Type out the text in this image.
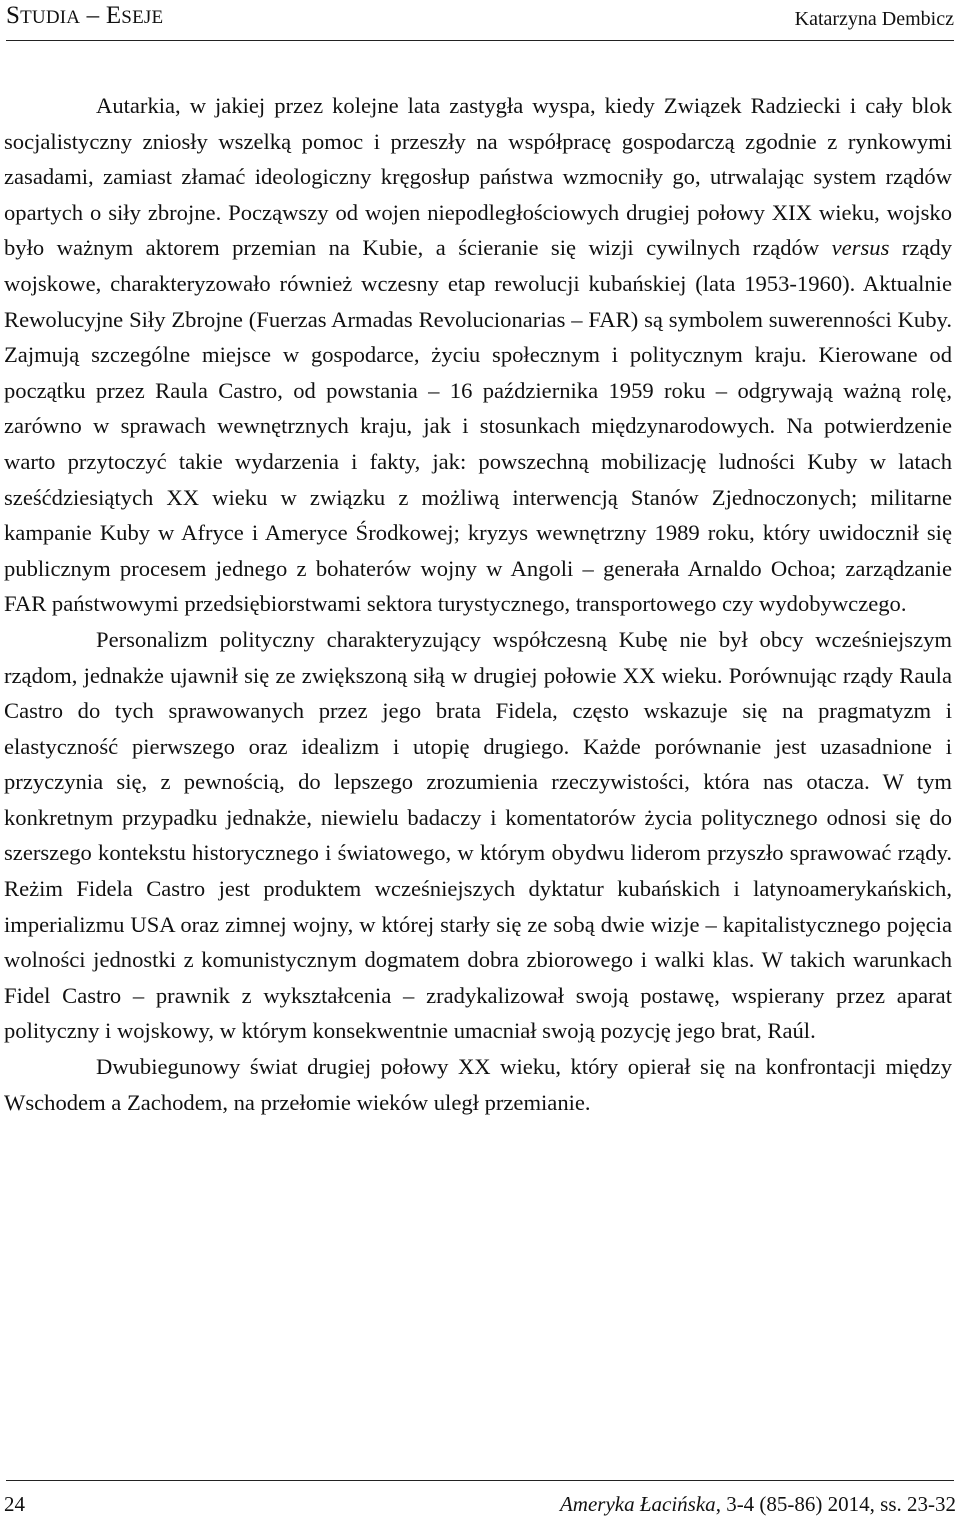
STUDIA – ESEJE	Katarzyna Dembicz

Autarkia, w jakiej przez kolejne lata zastygła wyspa, kiedy Związek Radziecki i cały blok socjalistyczny zniosły wszelką pomoc i przeszły na współpracę gospodarczą zgodnie z rynkowymi zasadami, zamiast złamać ideologiczny kręgosłup państwa wzmocniły go, utrwalając system rządów opartych o siły zbrojne. Począwszy od wojen niepodległościowych drugiej połowy XIX wieku, wojsko było ważnym aktorem przemian na Kubie, a ścieranie się wizji cywilnych rządów versus rządy wojskowe, charakteryzowało również wczesny etap rewolucji kubańskiej (lata 1953-1960). Aktualnie Rewolucyjne Siły Zbrojne (Fuerzas Armadas Revolucionarias – FAR) są symbolem suwerenności Kuby. Zajmują szczególne miejsce w gospodarce, życiu społecznym i politycznym kraju. Kierowane od początku przez Raula Castro, od powstania – 16 października 1959 roku – odgrywają ważną rolę, zarówno w sprawach wewnętrznych kraju, jak i stosunkach międzynarodowych. Na potwierdzenie warto przytoczyć takie wydarzenia i fakty, jak: powszechną mobilizację ludności Kuby w latach sześćdziesiątych XX wieku w związku z możliwą interwencją Stanów Zjednoczonych; militarne kampanie Kuby w Afryce i Ameryce Środkowej; kryzys wewnętrzny 1989 roku, który uwidocznił się publicznym procesem jednego z bohaterów wojny w Angoli – generała Arnaldo Ochoa; zarządzanie FAR państwowymi przedsiębiorstwami sektora turystycznego, transportowego czy wydobywczego.

Personalizm polityczny charakteryzujący współczesną Kubę nie był obcy wcześniejszym rządom, jednakże ujawnił się ze zwiększoną siłą w drugiej połowie XX wieku. Porównując rządy Raula Castro do tych sprawowanych przez jego brata Fidela, często wskazuje się na pragmatyzm i elastyczność pierwszego oraz idealizm i utopię drugiego. Każde porównanie jest uzasadnione i przyczynia się, z pewnością, do lepszego zrozumienia rzeczywistości, która nas otacza. W tym konkretnym przypadku jednakże, niewielu badaczy i komentatorów życia politycznego odnosi się do szerszego kontekstu historycznego i światowego, w którym obydwu liderom przyszło sprawować rządy. Reżim Fidela Castro jest produktem wcześniejszych dyktatur kubańskich i latynoamerykańskich, imperializmu USA oraz zimnej wojny, w której starły się ze sobą dwie wizje – kapitalistycznego pojęcia wolności jednostki z komunistycznym dogmatem dobra zbiorowego i walki klas. W takich warunkach Fidel Castro – prawnik z wykształcenia – zradykalizował swoją postawę, wspierany przez aparat polityczny i wojskowy, w którym konsekwentnie umacniał swoją pozycję jego brat, Raúl.

Dwubiegunowy świat drugiej połowy XX wieku, który opierał się na konfrontacji między Wschodem a Zachodem, na przełomie wieków uległ przemianie.

24	Ameryka Łacińska, 3-4 (85-86) 2014, ss. 23-32
